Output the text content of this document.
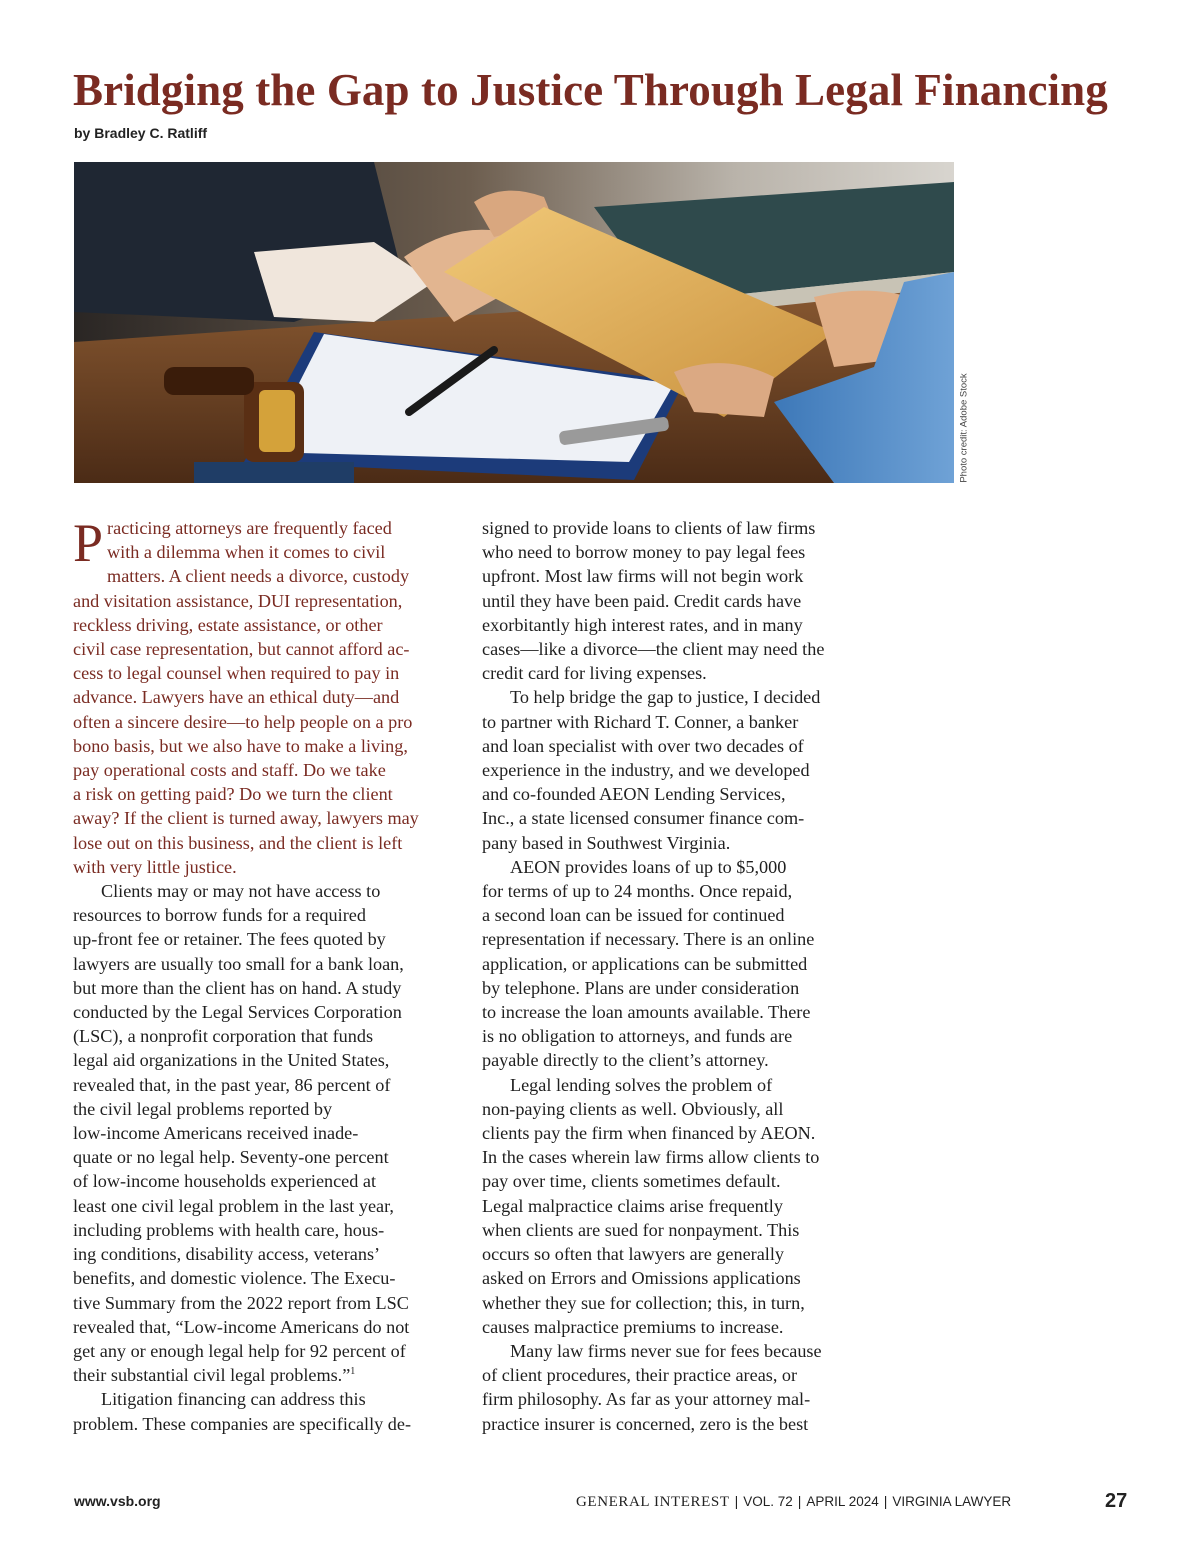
Bridging the Gap to Justice Through Legal Financing

by Bradley C. Ratliff

Photo credit: Adobe Stock

P racticing attorneys are frequently faced
with a dilemma when it comes to civil
matters. A client needs a divorce, custody
and visitation assistance, DUI representation,
reckless driving, estate assistance, or other
civil case representation, but cannot afford ac-
cess to legal counsel when required to pay in
advance. Lawyers have an ethical duty—and
often a sincere desire—to help people on a pro
bono basis, but we also have to make a living,
pay operational costs and staff. Do we take
a risk on getting paid? Do we turn the client
away? If the client is turned away, lawyers may
lose out on this business, and the client is left
with very little justice.

Clients may or may not have access to
resources to borrow funds for a required
up-front fee or retainer. The fees quoted by
lawyers are usually too small for a bank loan,
but more than the client has on hand. A study
conducted by the Legal Services Corporation
(LSC), a nonprofit corporation that funds
legal aid organizations in the United States,
revealed that, in the past year, 86 percent of
the civil legal problems reported by
low-income Americans received inade-
quate or no legal help. Seventy-one percent
of low-income households experienced at
least one civil legal problem in the last year,
including problems with health care, hous-
ing conditions, disability access, veterans’
benefits, and domestic violence. The Execu-
tive Summary from the 2022 report from LSC
revealed that, “Low-income Americans do not
get any or enough legal help for 92 percent of
their substantial civil legal problems.”$^1$

Litigation financing can address this
problem. These companies are specifically de-

signed to provide loans to clients of law firms
who need to borrow money to pay legal fees
upfront. Most law firms will not begin work
until they have been paid. Credit cards have
exorbitantly high interest rates, and in many
cases—like a divorce—the client may need the
credit card for living expenses.

To help bridge the gap to justice, I decided
to partner with Richard T. Conner, a banker
and loan specialist with over two decades of
experience in the industry, and we developed
and co-founded AEON Lending Services,
Inc., a state licensed consumer finance com-
pany based in Southwest Virginia.

AEON provides loans of up to $5,000
for terms of up to 24 months. Once repaid,
a second loan can be issued for continued
representation if necessary. There is an online
application, or applications can be submitted
by telephone. Plans are under consideration
to increase the loan amounts available. There
is no obligation to attorneys, and funds are
payable directly to the client’s attorney.

Legal lending solves the problem of
non-paying clients as well. Obviously, all
clients pay the firm when financed by AEON.
In the cases wherein law firms allow clients to
pay over time, clients sometimes default.
Legal malpractice claims arise frequently
when clients are sued for nonpayment. This
occurs so often that lawyers are generally
asked on Errors and Omissions applications
whether they sue for collection; this, in turn,
causes malpractice premiums to increase.

Many law firms never sue for fees because
of client procedures, their practice areas, or
firm philosophy. As far as your attorney mal-
practice insurer is concerned, zero is the best

www.vsb.org	GENERAL INTEREST | VOL. 72 | APRIL 2024 | VIRGINIA LAWYER	27
